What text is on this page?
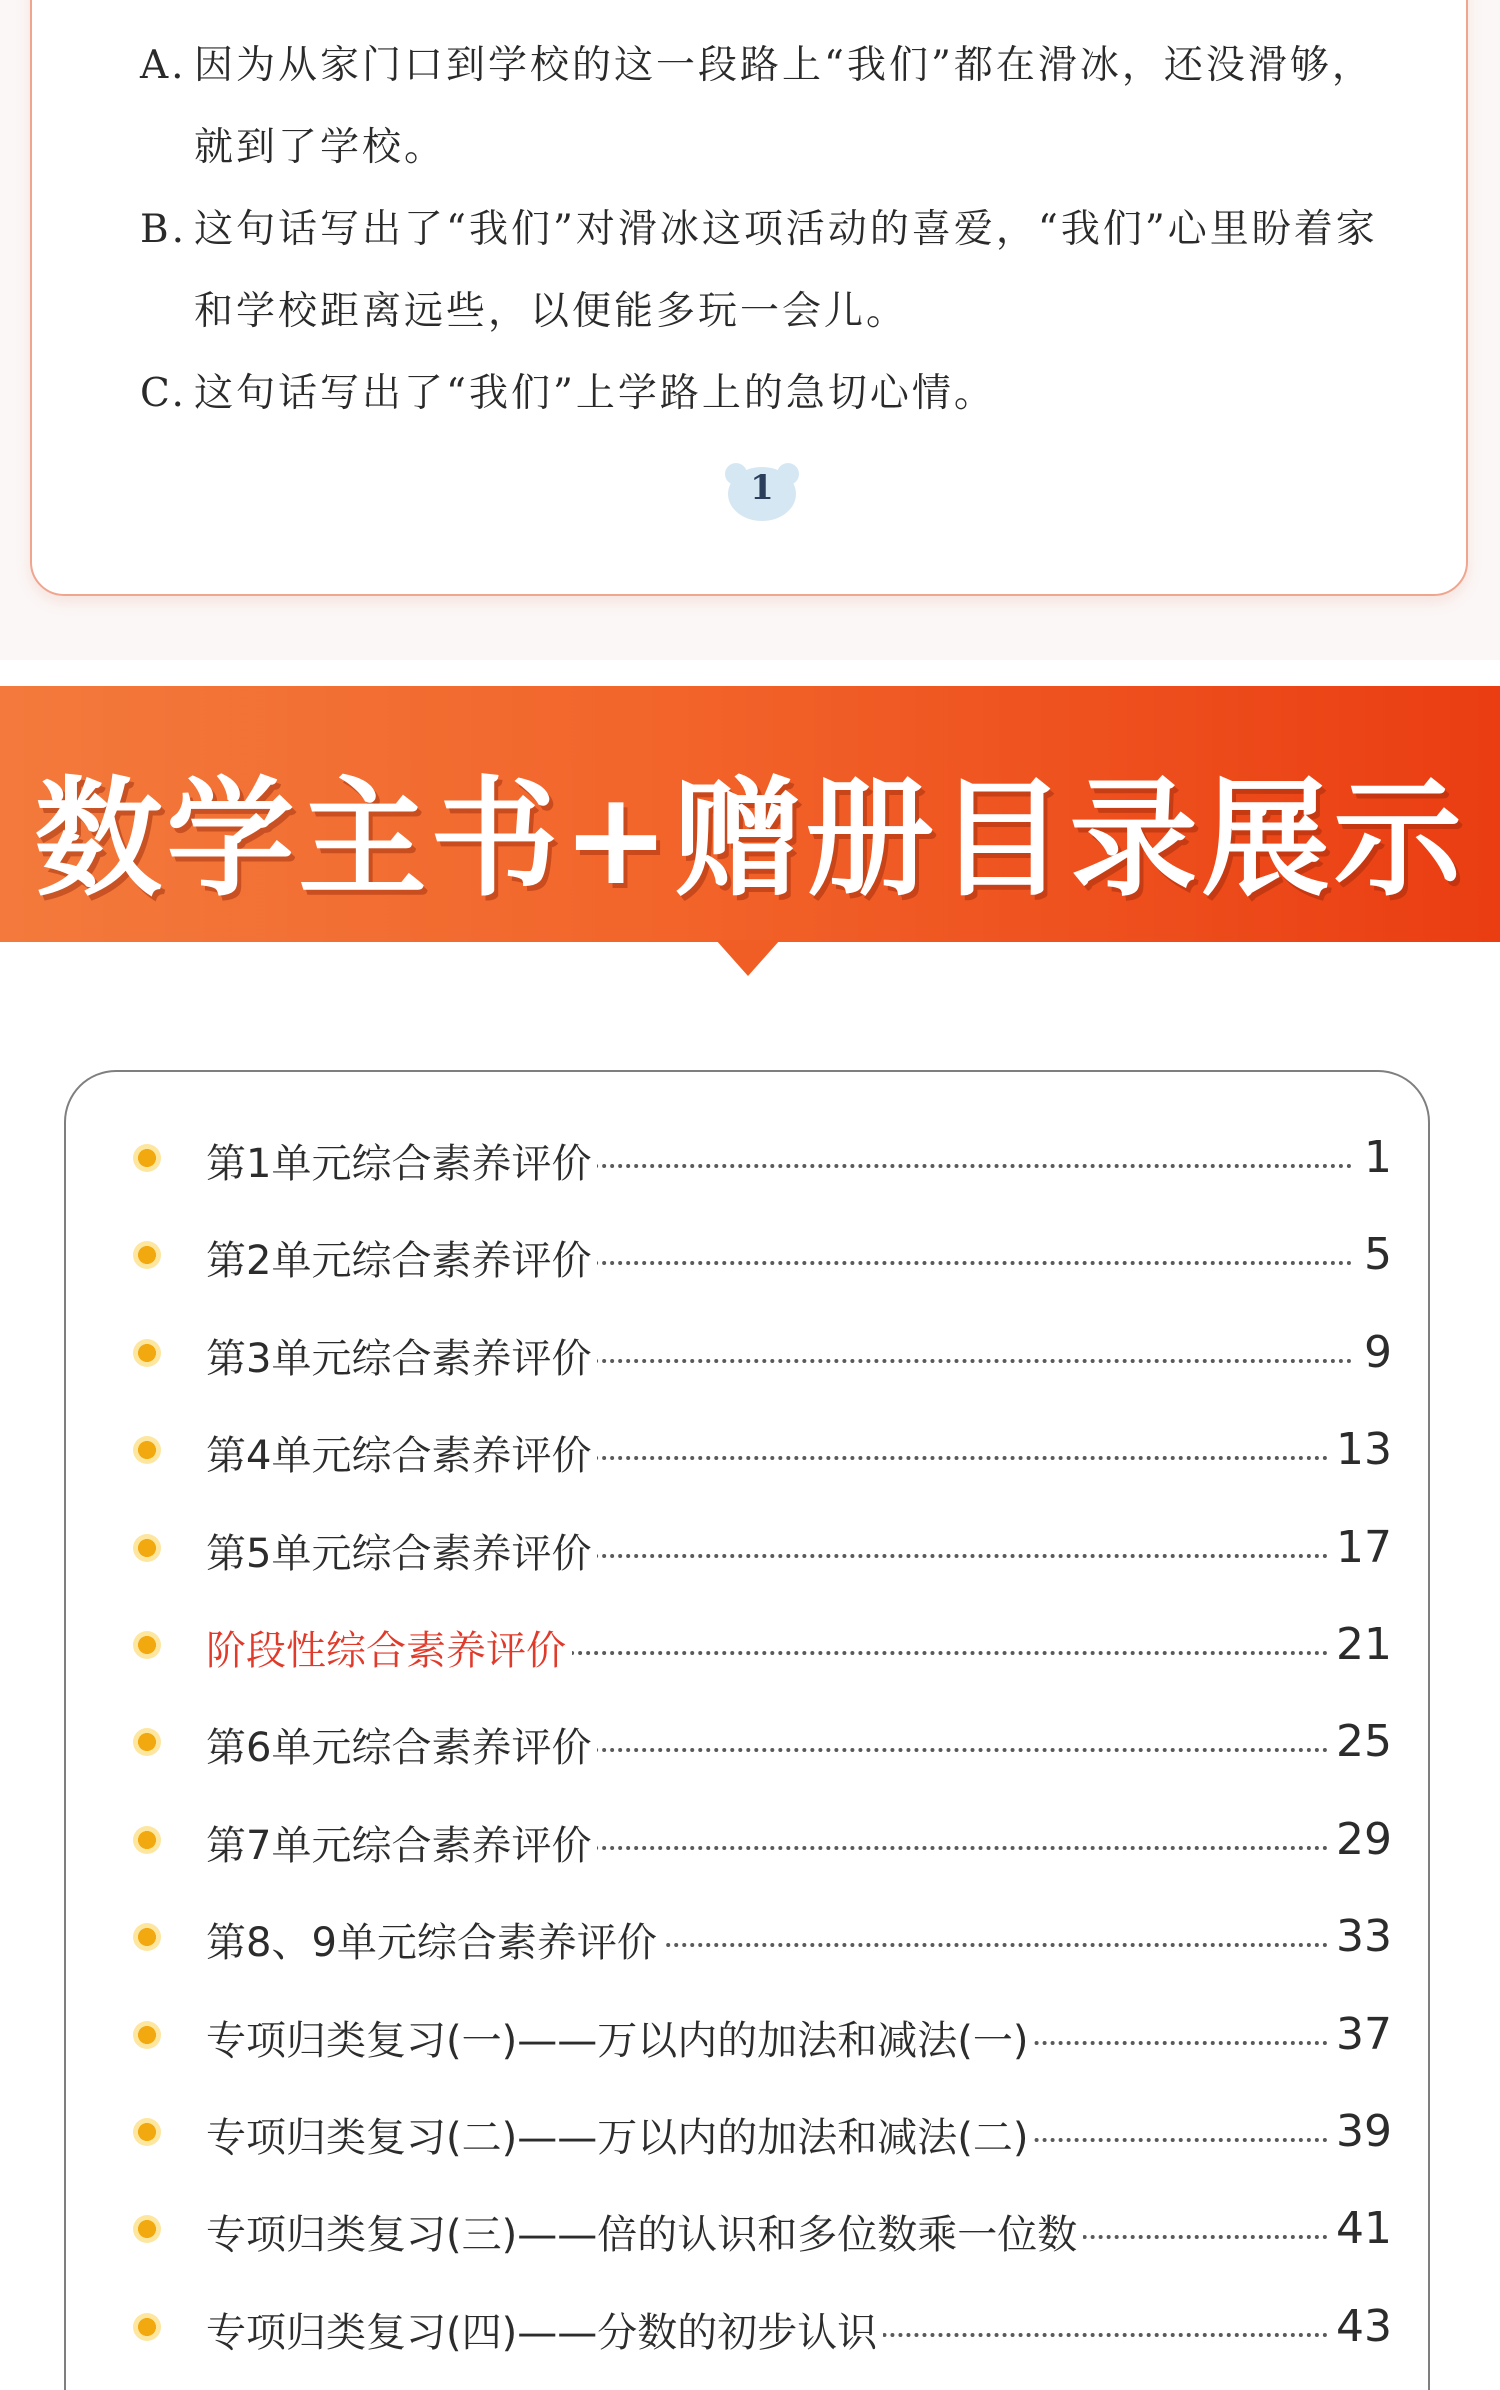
A. 因为从家门口到学校的这一段路上“我们”都在滑冰，还没滑够，
就到了学校。
B. 这句话写出了“我们”对滑冰这项活动的喜爱，“我们”心里盼着家
和学校距离远些，以便能多玩一会儿。
C. 这句话写出了“我们”上学路上的急切心情。
1
数学主书+赠册目录展示
第1单元综合素养评价	1
第2单元综合素养评价	5
第3单元综合素养评价	9
第4单元综合素养评价	13
第5单元综合素养评价	17
阶段性综合素养评价	21
第6单元综合素养评价	25
第7单元综合素养评价	29
第8、9单元综合素养评价	33
专项归类复习(一)——万以内的加法和减法(一)	37
专项归类复习(二)——万以内的加法和减法(二)	39
专项归类复习(三)——倍的认识和多位数乘一位数	41
专项归类复习(四)——分数的初步认识	43
